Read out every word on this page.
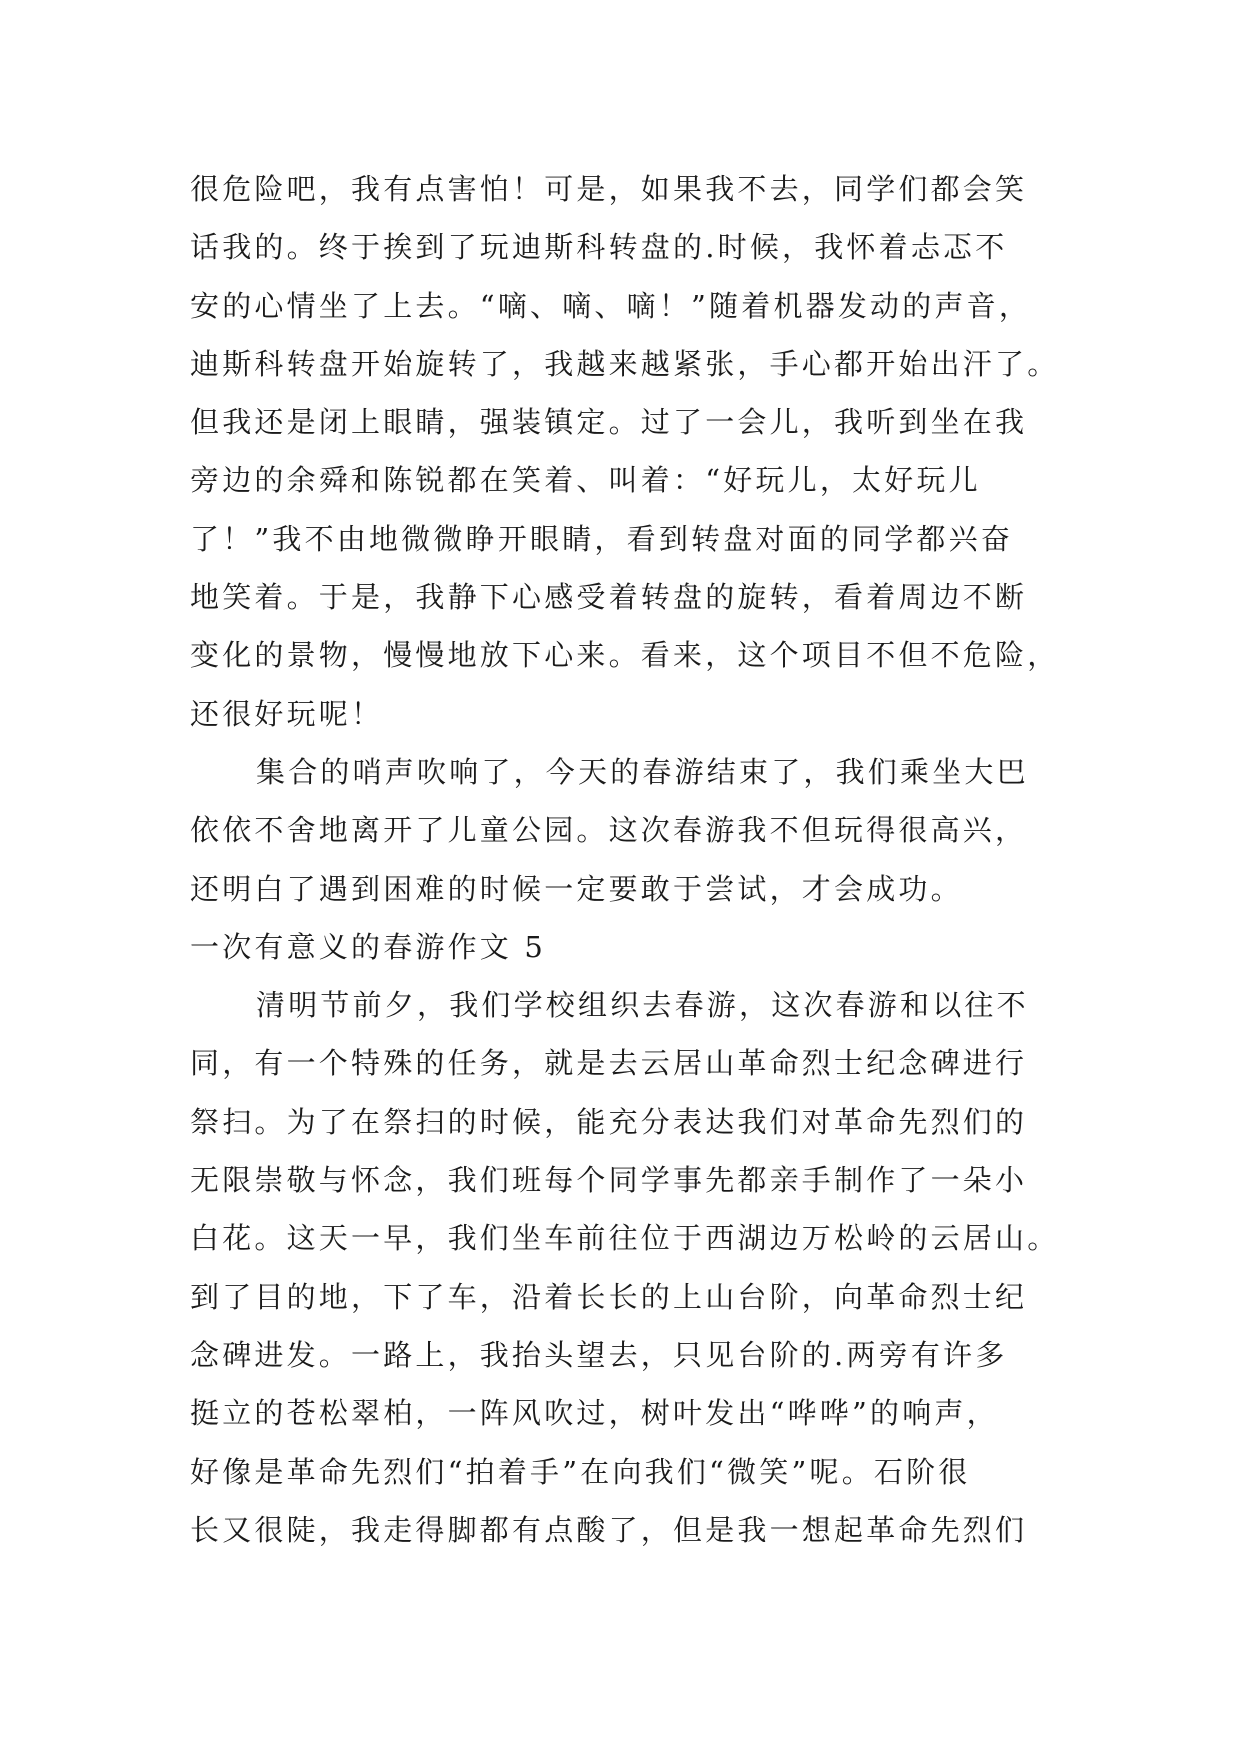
很危险吧，我有点害怕！可是，如果我不去，同学们都会笑
话我的。终于挨到了玩迪斯科转盘的.时候，我怀着忐忑不
安的心情坐了上去。“嘀、嘀、嘀！”随着机器发动的声音，
迪斯科转盘开始旋转了，我越来越紧张，手心都开始出汗了。
但我还是闭上眼睛，强装镇定。过了一会儿，我听到坐在我
旁边的余舜和陈锐都在笑着、叫着：“好玩儿，太好玩儿
了！”我不由地微微睁开眼睛，看到转盘对面的同学都兴奋
地笑着。于是，我静下心感受着转盘的旋转，看着周边不断
变化的景物，慢慢地放下心来。看来，这个项目不但不危险，
还很好玩呢！
集合的哨声吹响了，今天的春游结束了，我们乘坐大巴
依依不舍地离开了儿童公园。这次春游我不但玩得很高兴，
还明白了遇到困难的时候一定要敢于尝试，才会成功。
一次有意义的春游作文 5
清明节前夕，我们学校组织去春游，这次春游和以往不
同，有一个特殊的任务，就是去云居山革命烈士纪念碑进行
祭扫。为了在祭扫的时候，能充分表达我们对革命先烈们的
无限崇敬与怀念，我们班每个同学事先都亲手制作了一朵小
白花。这天一早，我们坐车前往位于西湖边万松岭的云居山。
到了目的地，下了车，沿着长长的上山台阶，向革命烈士纪
念碑进发。一路上，我抬头望去，只见台阶的.两旁有许多
挺立的苍松翠柏，一阵风吹过，树叶发出“哗哗”的响声，
好像是革命先烈们“拍着手”在向我们“微笑”呢。石阶很
长又很陡，我走得脚都有点酸了，但是我一想起革命先烈们
